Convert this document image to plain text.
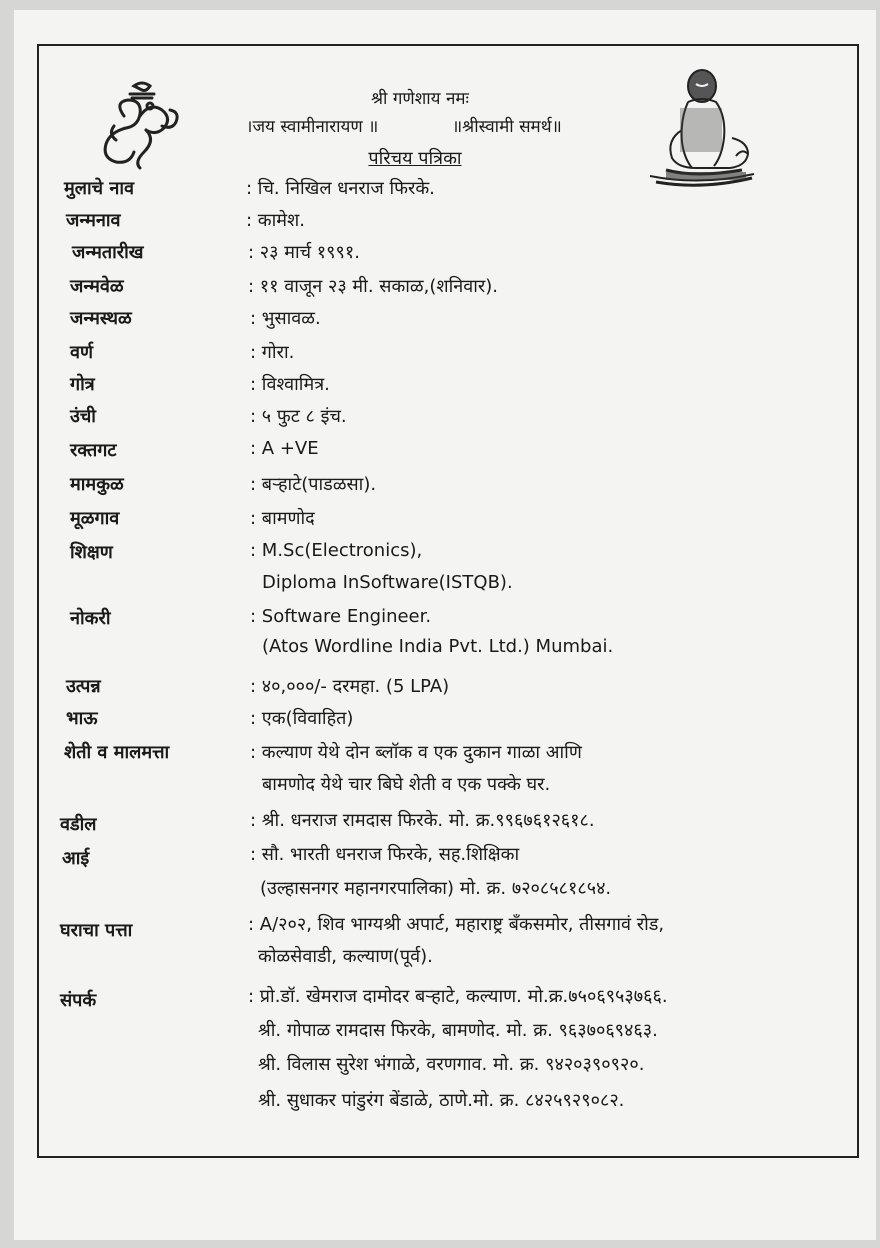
श्री गणेशाय नमः
।जय स्वामीनारायण ॥	॥श्रीस्वामी समर्थ॥
परिचय पत्रिका
मुलाचे नाव	: चि. निखिल धनराज फिरके.
जन्मनाव	: कामेश.
जन्मतारीख	: २३ मार्च १९९१.
जन्मवेळ	: ११ वाजून २३ मी. सकाळ,(शनिवार).
जन्मस्थळ	: भुसावळ.
वर्ण	: गोरा.
गोत्र	: विश्वामित्र.
उंची	: ५ फुट ८ इंच.
रक्तगट	: A +VE
मामकुळ	: बऱ्हाटे(पाडळसा).
मूळगाव	: बामणोद
शिक्षण	: M.Sc(Electronics),
Diploma InSoftware(ISTQB).
नोकरी	: Software Engineer.
(Atos Wordline India Pvt. Ltd.) Mumbai.
उत्पन्न	: ४०,०००/- दरमहा. (5 LPA)
भाऊ	: एक(विवाहित)
शेती व मालमत्ता	: कल्याण येथे दोन ब्लॉक व एक दुकान गाळा आणि
बामणोद येथे चार बिघे शेती व एक पक्के घर.
वडील	: श्री. धनराज रामदास फिरके. मो. क्र.९९६७६१२६१८.
आई	: सौ. भारती धनराज फिरके, सह.शिक्षिका
(उल्हासनगर महानगरपालिका) मो. क्र. ७२०८५८१८५४.
घराचा पत्ता	: A/२०२, शिव भाग्यश्री अपार्ट, महाराष्ट्र बँकसमोर, तीसगावं रोड,
कोळसेवाडी, कल्याण(पूर्व).
संपर्क	: प्रो.डॉ. खेमराज दामोदर बऱ्हाटे, कल्याण. मो.क्र.७५०६९५३७६६.
श्री. गोपाळ रामदास फिरके, बामणोद. मो. क्र. ९६३७०६९४६३.
श्री. विलास सुरेश भंगाळे, वरणगाव. मो. क्र. ९४२०३९०९२०.
श्री. सुधाकर पांडुरंग बेंडाळे, ठाणे.मो. क्र. ८४२५९२९०८२.
